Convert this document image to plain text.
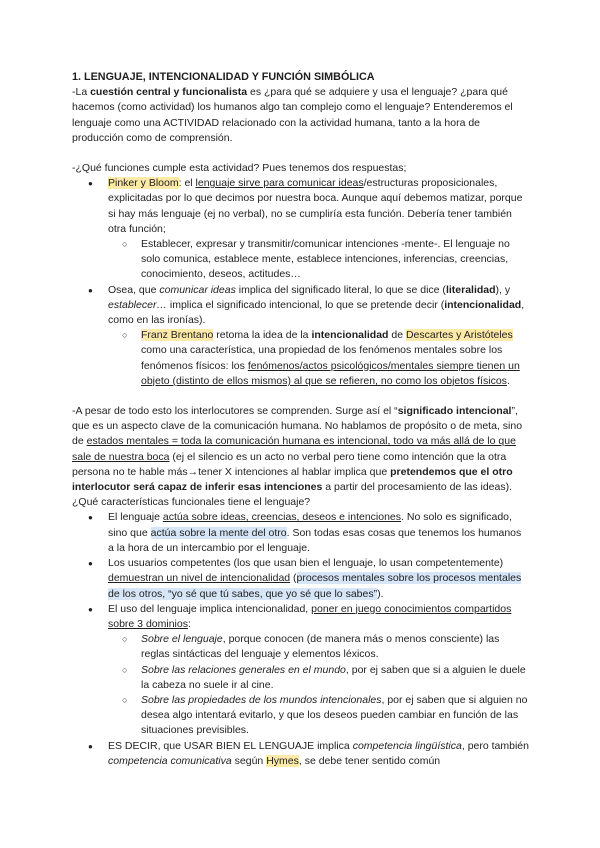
1. LENGUAJE, INTENCIONALIDAD Y FUNCIÓN SIMBÓLICA

-La cuestión central y funcionalista es ¿para qué se adquiere y usa el lenguaje? ¿para qué hacemos (como actividad) los humanos algo tan complejo como el lenguaje? Entenderemos el lenguaje como una ACTIVIDAD relacionado con la actividad humana, tanto a la hora de producción como de comprensión.

-¿Qué funciones cumple esta actividad? Pues tenemos dos respuestas;

● Pinker y Bloom: el lenguaje sirve para comunicar ideas/estructuras proposicionales, explicitadas por lo que decimos por nuestra boca. Aunque aquí debemos matizar, porque si hay más lenguaje (ej no verbal), no se cumpliría esta función. Debería tener también otra función;
○ Establecer, expresar y transmitir/comunicar intenciones -mente-. El lenguaje no solo comunica, establece mente, establece intenciones, inferencias, creencias, conocimiento, deseos, actitudes…
● Osea, que comunicar ideas implica del significado literal, lo que se dice (literalidad), y establecer… implica el significado intencional, lo que se pretende decir (intencionalidad, como en las ironías).
○ Franz Brentano retoma la idea de la intencionalidad de Descartes y Aristóteles como una característica, una propiedad de los fenómenos mentales sobre los fenómenos físicos: los fenómenos/actos psicológicos/mentales siempre tienen un objeto (distinto de ellos mismos) al que se refieren, no como los objetos físicos.

-A pesar de todo esto los interlocutores se comprenden. Surge así el “significado intencional”, que es un aspecto clave de la comunicación humana. No hablamos de propósito o de meta, sino de estados mentales = toda la comunicación humana es intencional, todo va más allá de lo que sale de nuestra boca (ej el silencio es un acto no verbal pero tiene como intención que la otra persona no te hable más→tener X intenciones al hablar implica que pretendemos que el otro interlocutor será capaz de inferir esas intenciones a partir del procesamiento de las ideas). ¿Qué características funcionales tiene el lenguaje?

● El lenguaje actúa sobre ideas, creencias, deseos e intenciones. No solo es significado, sino que actúa sobre la mente del otro. Son todas esas cosas que tenemos los humanos a la hora de un intercambio por el lenguaje.
● Los usuarios competentes (los que usan bien el lenguaje, lo usan competentemente) demuestran un nivel de intencionalidad (procesos mentales sobre los procesos mentales de los otros, “yo sé que tú sabes, que yo sé que lo sabes”).
● El uso del lenguaje implica intencionalidad, poner en juego conocimientos compartidos sobre 3 dominios:
○ Sobre el lenguaje, porque conocen (de manera más o menos consciente) las reglas sintácticas del lenguaje y elementos léxicos.
○ Sobre las relaciones generales en el mundo, por ej saben que si a alguien le duele la cabeza no suele ir al cine.
○ Sobre las propiedades de los mundos intencionales, por ej saben que si alguien no desea algo intentará evitarlo, y que los deseos pueden cambiar en función de las situaciones previsibles.
● ES DECIR, que USAR BIEN EL LENGUAJE implica competencia lingüística, pero también competencia comunicativa según Hymes, se debe tener sentido común
